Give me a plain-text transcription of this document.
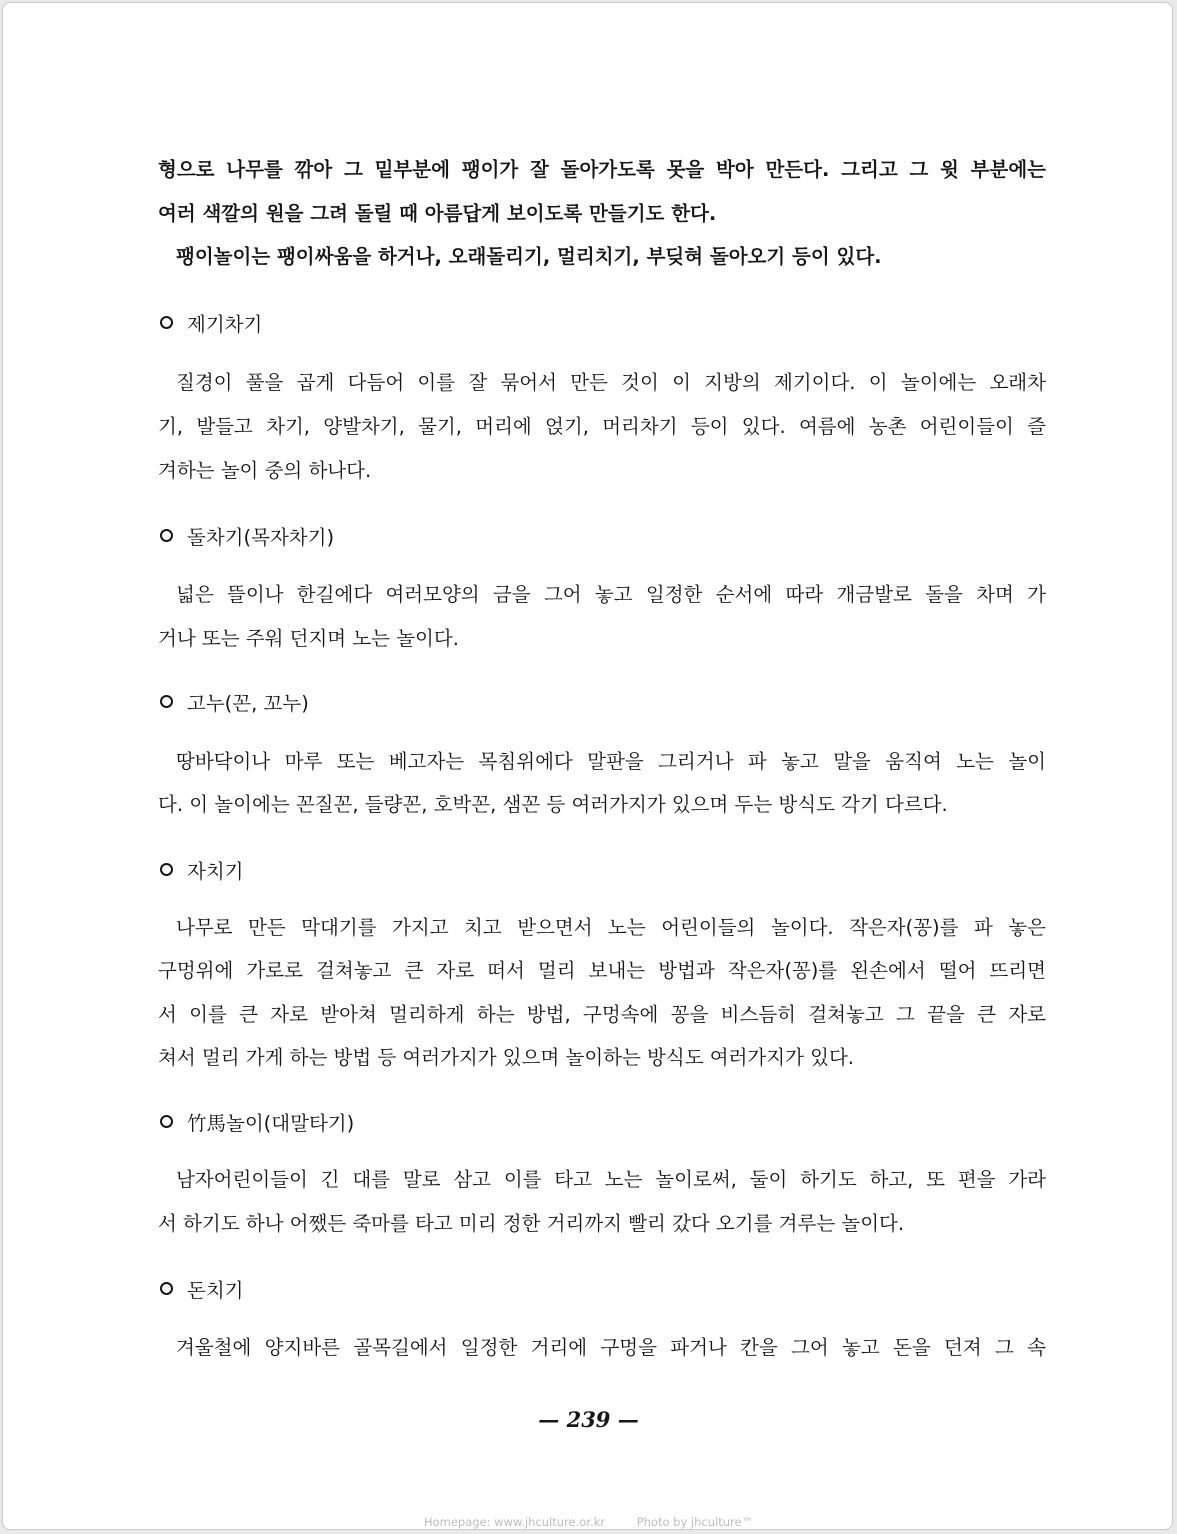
형으로 나무를 깎아 그 밑부분에 팽이가 잘 돌아가도록 못을 박아 만든다. 그리고 그 윗 부분에는
여러 색깔의 원을 그려 돌릴 때 아름답게 보이도록 만들기도 한다.
팽이놀이는 팽이싸움을 하거나, 오래돌리기, 멀리치기, 부딪혀 돌아오기 등이 있다.
제기차기
질경이 풀을 곱게 다듬어 이를 잘 묶어서 만든 것이 이 지방의 제기이다. 이 놀이에는 오래차
기, 발들고 차기, 양발차기, 물기, 머리에 얹기, 머리차기 등이 있다. 여름에 농촌 어린이들이 즐
겨하는 놀이 중의 하나다.
돌차기(목자차기)
넓은 뜰이나 한길에다 여러모양의 금을 그어 놓고 일정한 순서에 따라 개금발로 돌을 차며 가
거나 또는 주워 던지며 노는 놀이다.
고누(꼰, 꼬누)
땅바닥이나 마루 또는 베고자는 목침위에다 말판을 그리거나 파 놓고 말을 움직여 노는 놀이
다. 이 놀이에는 꼰질꼰, 들량꼰, 호박꼰, 샘꼰 등 여러가지가 있으며 두는 방식도 각기 다르다.
자치기
나무로 만든 막대기를 가지고 치고 받으면서 노는 어린이들의 놀이다. 작은자(꽁)를 파 놓은
구멍위에 가로로 걸쳐놓고 큰 자로 떠서 멀리 보내는 방법과 작은자(꽁)를 왼손에서 떨어 뜨리면
서 이를 큰 자로 받아쳐 멀리하게 하는 방법, 구멍속에 꽁을 비스듬히 걸쳐놓고 그 끝을 큰 자로
쳐서 멀리 가게 하는 방법 등 여러가지가 있으며 놀이하는 방식도 여러가지가 있다.
竹馬놀이(대말타기)
남자어린이들이 긴 대를 말로 삼고 이를 타고 노는 놀이로써, 둘이 하기도 하고, 또 편을 가라
서 하기도 하나 어쨌든 죽마를 타고 미리 정한 거리까지 빨리 갔다 오기를 겨루는 놀이다.
돈치기
겨울철에 양지바른 골목길에서 일정한 거리에 구멍을 파거나 칸을 그어 놓고 돈을 던져 그 속
— 239 —
Homepage: www.jhculture.or.kr	Photo by jhculture™
